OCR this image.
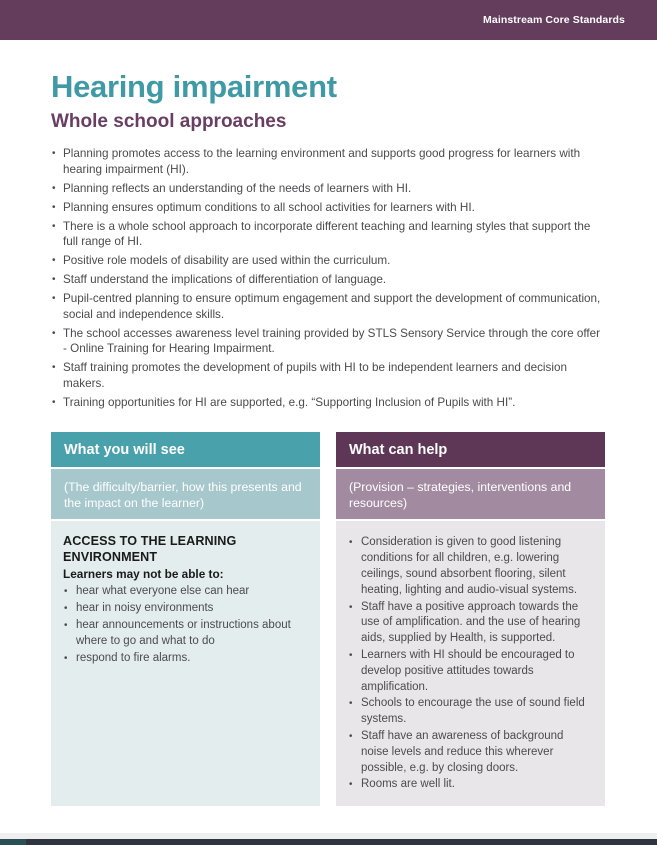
Mainstream Core Standards
Hearing impairment
Whole school approaches
• Planning promotes access to the learning environment and supports good progress for learners with hearing impairment (HI).
• Planning reflects an understanding of the needs of learners with HI.
• Planning ensures optimum conditions to all school activities for learners with HI.
• There is a whole school approach to incorporate different teaching and learning styles that support the full range of HI.
• Positive role models of disability are used within the curriculum.
• Staff understand the implications of differentiation of language.
• Pupil-centred planning to ensure optimum engagement and support the development of communication, social and independence skills.
• The school accesses awareness level training provided by STLS Sensory Service through the core offer - Online Training for Hearing Impairment.
• Staff training promotes the development of pupils with HI to be independent learners and decision makers.
• Training opportunities for HI are supported, e.g. “Supporting Inclusion of Pupils with HI”.
What you will see
(The difficulty/barrier, how this presents and the impact on the learner)

ACCESS TO THE LEARNING ENVIRONMENT

Learners may not be able to:

• hear what everyone else can hear
• hear in noisy environments
• hear announcements or instructions about where to go and what to do
• respond to fire alarms.
What can help
(Provision – strategies, interventions and resources)
• Consideration is given to good listening conditions for all children, e.g. lowering ceilings, sound absorbent flooring, silent heating, lighting and audio-visual systems.
• Staff have a positive approach towards the use of amplification. and the use of hearing aids, supplied by Health, is supported.
• Learners with HI should be encouraged to develop positive attitudes towards amplification.
• Schools to encourage the use of sound field systems.
• Staff have an awareness of background noise levels and reduce this wherever possible, e.g. by closing doors.
• Rooms are well lit.
